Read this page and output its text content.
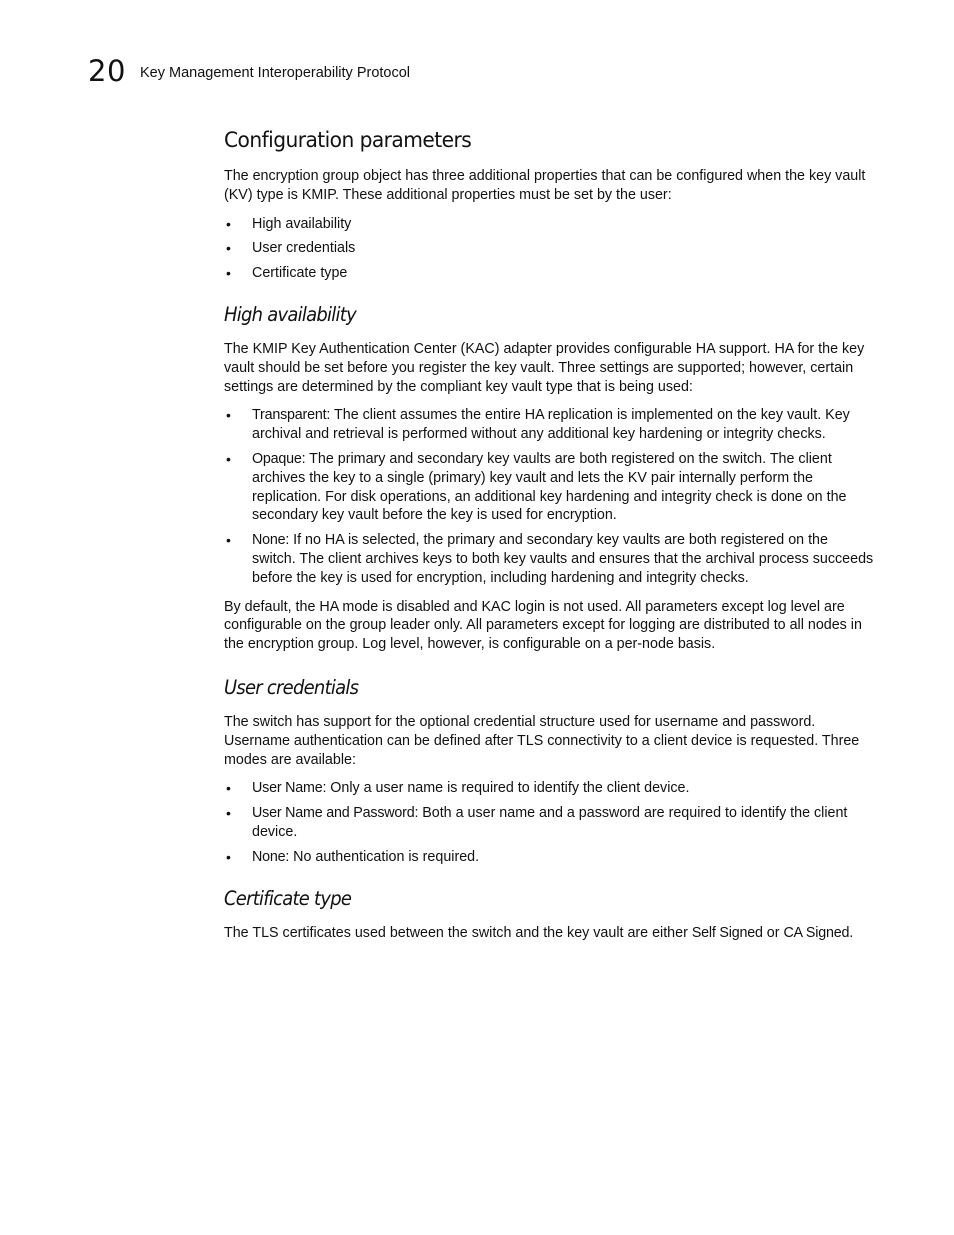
20 Key Management Interoperability Protocol
Configuration parameters

The encryption group object has three additional properties that can be configured when the key vault (KV) type is KMIP. These additional properties must be set by the user:

• High availability
• User credentials
• Certificate type
High availability

The KMIP Key Authentication Center (KAC) adapter provides configurable HA support. HA for the key vault should be set before you register the key vault. Three settings are supported; however, certain settings are determined by the compliant key vault type that is being used:

• Transparent: The client assumes the entire HA replication is implemented on the key vault. Key archival and retrieval is performed without any additional key hardening or integrity checks.
• Opaque: The primary and secondary key vaults are both registered on the switch. The client archives the key to a single (primary) key vault and lets the KV pair internally perform the replication. For disk operations, an additional key hardening and integrity check is done on the secondary key vault before the key is used for encryption.
• None: If no HA is selected, the primary and secondary key vaults are both registered on the switch. The client archives keys to both key vaults and ensures that the archival process succeeds before the key is used for encryption, including hardening and integrity checks.

By default, the HA mode is disabled and KAC login is not used. All parameters except log level are configurable on the group leader only. All parameters except for logging are distributed to all nodes in the encryption group. Log level, however, is configurable on a per-node basis.

User credentials

The switch has support for the optional credential structure used for username and password. Username authentication can be defined after TLS connectivity to a client device is requested. Three modes are available:

• User Name: Only a user name is required to identify the client device.
• User Name and Password: Both a user name and a password are required to identify the client device.
• None: No authentication is required.
Certificate type

The TLS certificates used between the switch and the key vault are either Self Signed or CA Signed.
